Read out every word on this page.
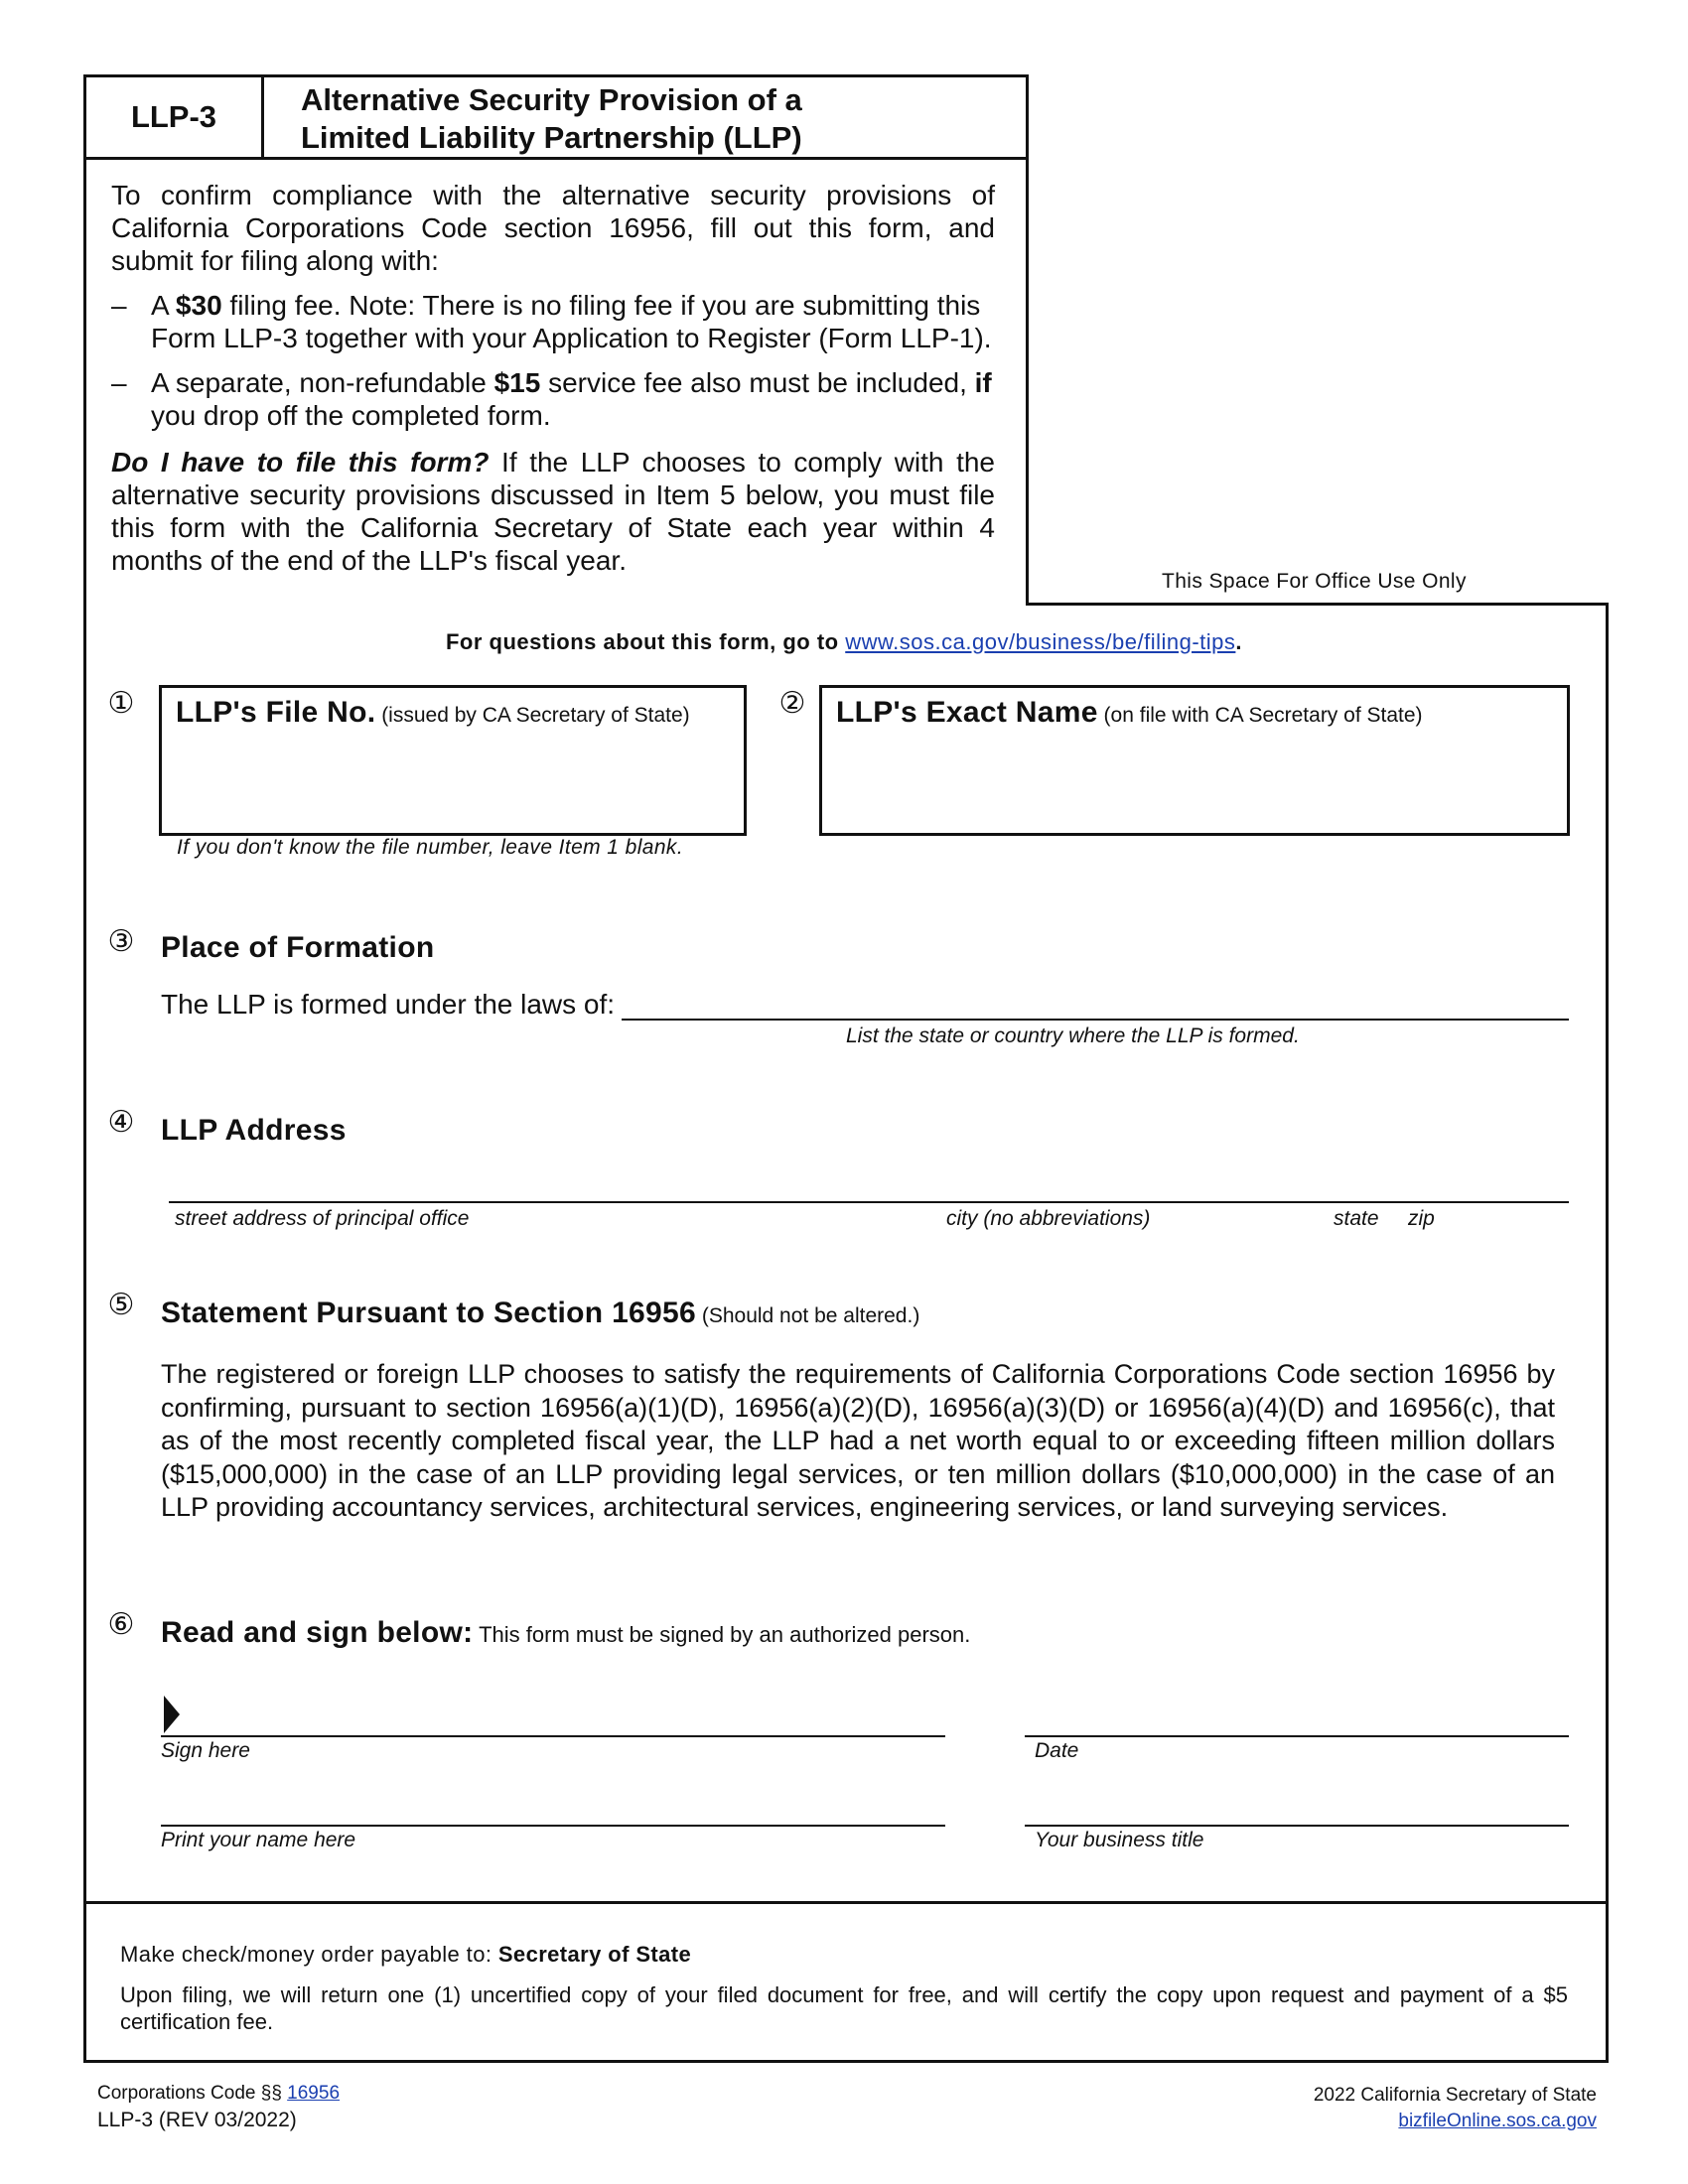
LLP-3	Alternative Security Provision of a
Limited Liability Partnership (LLP)
To confirm compliance with the alternative security provisions of California Corporations Code section 16956, fill out this form, and submit for filing along with:
– A $30 filing fee. Note: There is no filing fee if you are submitting this Form LLP-3 together with your Application to Register (Form LLP-1).
– A separate, non-refundable $15 service fee also must be included, if you drop off the completed form.
Do I have to file this form? If the LLP chooses to comply with the alternative security provisions discussed in Item 5 below, you must file this form with the California Secretary of State each year within 4 months of the end of the LLP's fiscal year.
This Space For Office Use Only
For questions about this form, go to www.sos.ca.gov/business/be/filing-tips.
① LLP's File No. (issued by CA Secretary of State)
If you don't know the file number, leave Item 1 blank.
② LLP's Exact Name (on file with CA Secretary of State)
③ Place of Formation
The LLP is formed under the laws of:
List the state or country where the LLP is formed.
④ LLP Address
street address of principal office	city (no abbreviations)	state zip
⑤ Statement Pursuant to Section 16956 (Should not be altered.)
The registered or foreign LLP chooses to satisfy the requirements of California Corporations Code section 16956 by confirming, pursuant to section 16956(a)(1)(D), 16956(a)(2)(D), 16956(a)(3)(D) or 16956(a)(4)(D) and 16956(c), that as of the most recently completed fiscal year, the LLP had a net worth equal to or exceeding fifteen million dollars ($15,000,000) in the case of an LLP providing legal services, or ten million dollars ($10,000,000) in the case of an LLP providing accountancy services, architectural services, engineering services, or land surveying services.
⑥ Read and sign below: This form must be signed by an authorized person.
Sign here	Date
Print your name here	Your business title
Make check/money order payable to: Secretary of State
Upon filing, we will return one (1) uncertified copy of your filed document for free, and will certify the copy upon request and payment of a $5 certification fee.
Corporations Code §§ 16956
LLP-3 (REV 03/2022)
2022 California Secretary of State
bizfileOnline.sos.ca.gov
